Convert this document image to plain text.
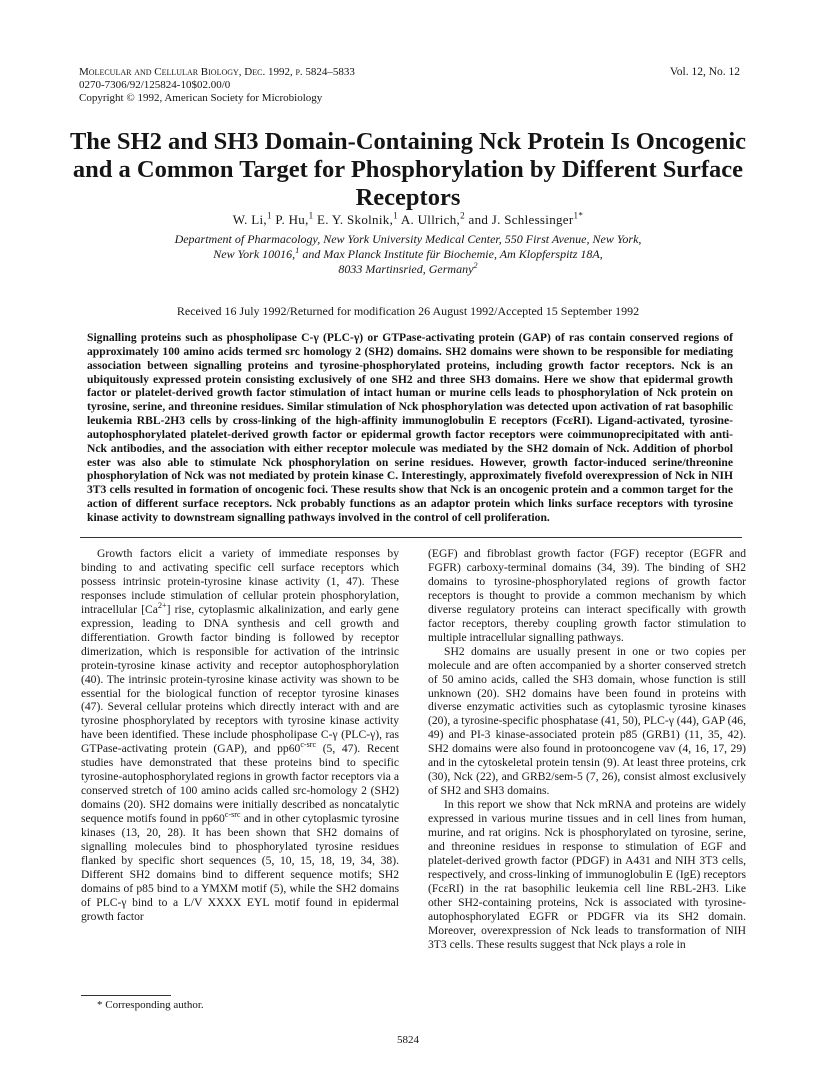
Molecular and Cellular Biology, Dec. 1992, p. 5824–5833
0270-7306/92/125824-10$02.00/0
Copyright © 1992, American Society for Microbiology
Vol. 12, No. 12
The SH2 and SH3 Domain-Containing Nck Protein Is Oncogenic and a Common Target for Phosphorylation by Different Surface Receptors
W. Li,$^1$ P. Hu,$^1$ E. Y. Skolnik,$^1$ A. Ullrich,$^2$ and J. Schlessinger$^{1*}$
Department of Pharmacology, New York University Medical Center, 550 First Avenue, New York,
New York 10016,$^1$ and Max Planck Institute für Biochemie, Am Klopferspitz 18A,
8033 Martinsried, Germany$^2$
Received 16 July 1992/Returned for modification 26 August 1992/Accepted 15 September 1992
Signalling proteins such as phospholipase C-γ (PLC-γ) or GTPase-activating protein (GAP) of ras contain conserved regions of approximately 100 amino acids termed src homology 2 (SH2) domains. SH2 domains were shown to be responsible for mediating association between signalling proteins and tyrosine-phosphorylated proteins, including growth factor receptors. Nck is an ubiquitously expressed protein consisting exclusively of one SH2 and three SH3 domains. Here we show that epidermal growth factor or platelet-derived growth factor stimulation of intact human or murine cells leads to phosphorylation of Nck protein on tyrosine, serine, and threonine residues. Similar stimulation of Nck phosphorylation was detected upon activation of rat basophilic leukemia RBL-2H3 cells by cross-linking of the high-affinity immunoglobulin E receptors (FcεRI). Ligand-activated, tyrosine-autophosphorylated platelet-derived growth factor or epidermal growth factor receptors were coimmunoprecipitated with anti-Nck antibodies, and the association with either receptor molecule was mediated by the SH2 domain of Nck. Addition of phorbol ester was also able to stimulate Nck phosphorylation on serine residues. However, growth factor-induced serine/threonine phosphorylation of Nck was not mediated by protein kinase C. Interestingly, approximately fivefold overexpression of Nck in NIH 3T3 cells resulted in formation of oncogenic foci. These results show that Nck is an oncogenic protein and a common target for the action of different surface receptors. Nck probably functions as an adaptor protein which links surface receptors with tyrosine kinase activity to downstream signalling pathways involved in the control of cell proliferation.

Growth factors elicit a variety of immediate responses by binding to and activating specific cell surface receptors which possess intrinsic protein-tyrosine kinase activity (1, 47). These responses include stimulation of cellular protein phosphorylation, intracellular $[Ca^{2+}]$ rise, cytoplasmic alkalinization, and early gene expression, leading to DNA synthesis and cell growth and differentiation. Growth factor binding is followed by receptor dimerization, which is responsible for activation of the intrinsic protein-tyrosine kinase activity and receptor autophosphorylation (40). The intrinsic protein-tyrosine kinase activity was shown to be essential for the biological function of receptor tyrosine kinases (47). Several cellular proteins which directly interact with and are tyrosine phosphorylated by receptors with tyrosine kinase activity have been identified. These include phospholipase C-γ (PLC-γ), ras GTPase-activating protein (GAP), and $pp60^{c-src}$ (5, 47). Recent studies have demonstrated that these proteins bind to specific tyrosine-autophosphorylated regions in growth factor receptors via a conserved stretch of 100 amino acids called src-homology 2 (SH2) domains (20). SH2 domains were initially described as noncatalytic sequence motifs found in $pp60^{c-src}$ and in other cytoplasmic tyrosine kinases (13, 20, 28). It has been shown that SH2 domains of signalling molecules bind to phosphorylated tyrosine residues flanked by specific short sequences (5, 10, 15, 18, 19, 34, 38). Different SH2 domains bind to different sequence motifs; SH2 domains of p85 bind to a YMXM motif (5), while the SH2 domains of PLC-γ bind to a L/V XXXX EYL motif found in epidermal growth factor

(EGF) and fibroblast growth factor (FGF) receptor (EGFR and FGFR) carboxy-terminal domains (34, 39). The binding of SH2 domains to tyrosine-phosphorylated regions of growth factor receptors is thought to provide a common mechanism by which diverse regulatory proteins can interact specifically with growth factor receptors, thereby coupling growth factor stimulation to multiple intracellular signalling pathways.

SH2 domains are usually present in one or two copies per molecule and are often accompanied by a shorter conserved stretch of 50 amino acids, called the SH3 domain, whose function is still unknown (20). SH2 domains have been found in proteins with diverse enzymatic activities such as cytoplasmic tyrosine kinases (20), a tyrosine-specific phosphatase (41, 50), PLC-γ (44), GAP (46, 49) and PI-3 kinase-associated protein p85 (GRB1) (11, 35, 42). SH2 domains were also found in protooncogene vav (4, 16, 17, 29) and in the cytoskeletal protein tensin (9). At least three proteins, crk (30), Nck (22), and GRB2/sem-5 (7, 26), consist almost exclusively of SH2 and SH3 domains.

In this report we show that Nck mRNA and proteins are widely expressed in various murine tissues and in cell lines from human, murine, and rat origins. Nck is phosphorylated on tyrosine, serine, and threonine residues in response to stimulation of EGF and platelet-derived growth factor (PDGF) in A431 and NIH 3T3 cells, respectively, and cross-linking of immunoglobulin E (IgE) receptors (FcεRI) in the rat basophilic leukemia cell line RBL-2H3. Like other SH2-containing proteins, Nck is associated with tyrosine-autophosphorylated EGFR or PDGFR via its SH2 domain. Moreover, overexpression of Nck leads to transformation of NIH 3T3 cells. These results suggest that Nck plays a role in

* Corresponding author.
5824
